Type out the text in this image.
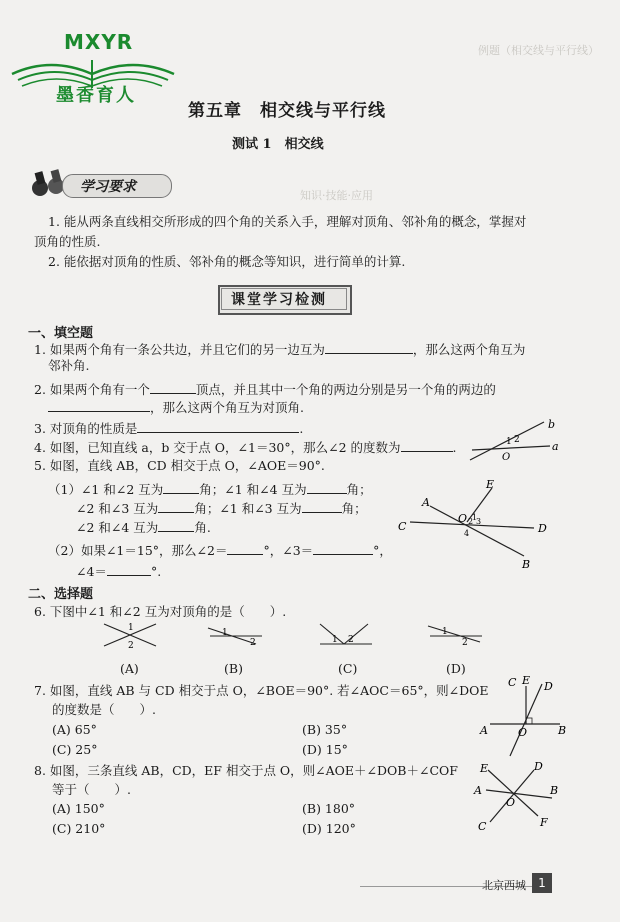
例题（相交线与平行线）
知识·技能·应用
MXYR
墨香育人
第五章　相交线与平行线
测试 1　相交线
学习要求
1. 能从两条直线相交所形成的四个角的关系入手，理解对顶角、邻补角的概念，掌握对
顶角的性质.
2. 能依据对顶角的性质、邻补角的概念等知识，进行简单的计算.
课堂学习检测
一、填空题
1. 如果两个角有一条公共边，并且它们的另一边互为	，那么这两个角互为
邻补角.
2. 如果两个角有一个	顶点，并且其中一个角的两边分别是另一个角的两边的
，那么这两个角互为对顶角.
3. 对顶角的性质是	.
4. 如图，已知直线 a，b 交于点 O，∠1＝30°，那么∠2 的度数为	.
5. 如图，直线 AB，CD 相交于点 O，∠AOE＝90°.
（1）∠1 和∠2 互为	角；∠1 和∠4 互为	角；
∠2 和∠3 互为	角；∠1 和∠3 互为	角；
∠2 和∠4 互为	角.
（2）如果∠1＝15°，那么∠2＝	°，∠3＝	°，
∠4＝	°.
b
a
2
1
O
E
A
C	D
B
O 1
2 3
4
二、选择题
6. 下图中∠1 和∠2 互为对顶角的是（　　）.
1
2
1
2	1 2
1
2
(A)	(B)	(C)	(D)
7. 如图，直线 AB 与 CD 相交于点 O，∠BOE＝90°. 若∠AOC＝65°，则∠DOE
的度数是（　　）.
(A) 65°	(B) 35°
(C) 25°	(D) 15°
C E D
A	O	B
8. 如图，三条直线 AB，CD，EF 相交于点 O，则∠AOE＋∠DOB＋∠COF
等于（　　）.
(A) 150°	(B) 180°
(C) 210°	(D) 120°
E	D
A	B
O
C	F
北京西城	1
